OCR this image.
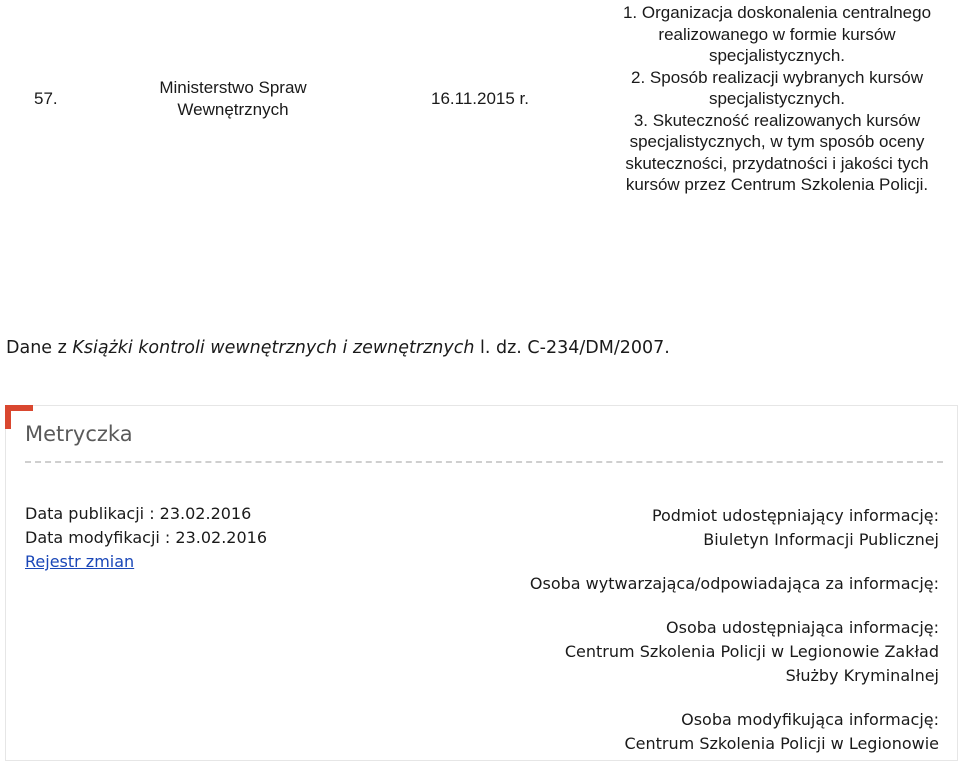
57.
Ministerstwo Spraw
Wewnętrznych
16.11.2015 r.
1. Organizacja doskonalenia centralnego
realizowanego w formie kursów
specjalistycznych.
2. Sposób realizacji wybranych kursów
specjalistycznych.
3. Skuteczność realizowanych kursów
specjalistycznych, w tym sposób oceny
skuteczności, przydatności i jakości tych
kursów przez Centrum Szkolenia Policji.
Dane z Książki kontroli wewnętrznych i zewnętrznych l. dz. C-234/DM/2007.
Metryczka
Data publikacji : 23.02.2016
Data modyfikacji : 23.02.2016
Rejestr zmian
Podmiot udostępniający informację:
Biuletyn Informacji Publicznej
Osoba wytwarzająca/odpowiadająca za informację:
Osoba udostępniająca informację:
Centrum Szkolenia Policji w Legionowie Zakład
Służby Kryminalnej
Osoba modyfikująca informację:
Centrum Szkolenia Policji w Legionowie
